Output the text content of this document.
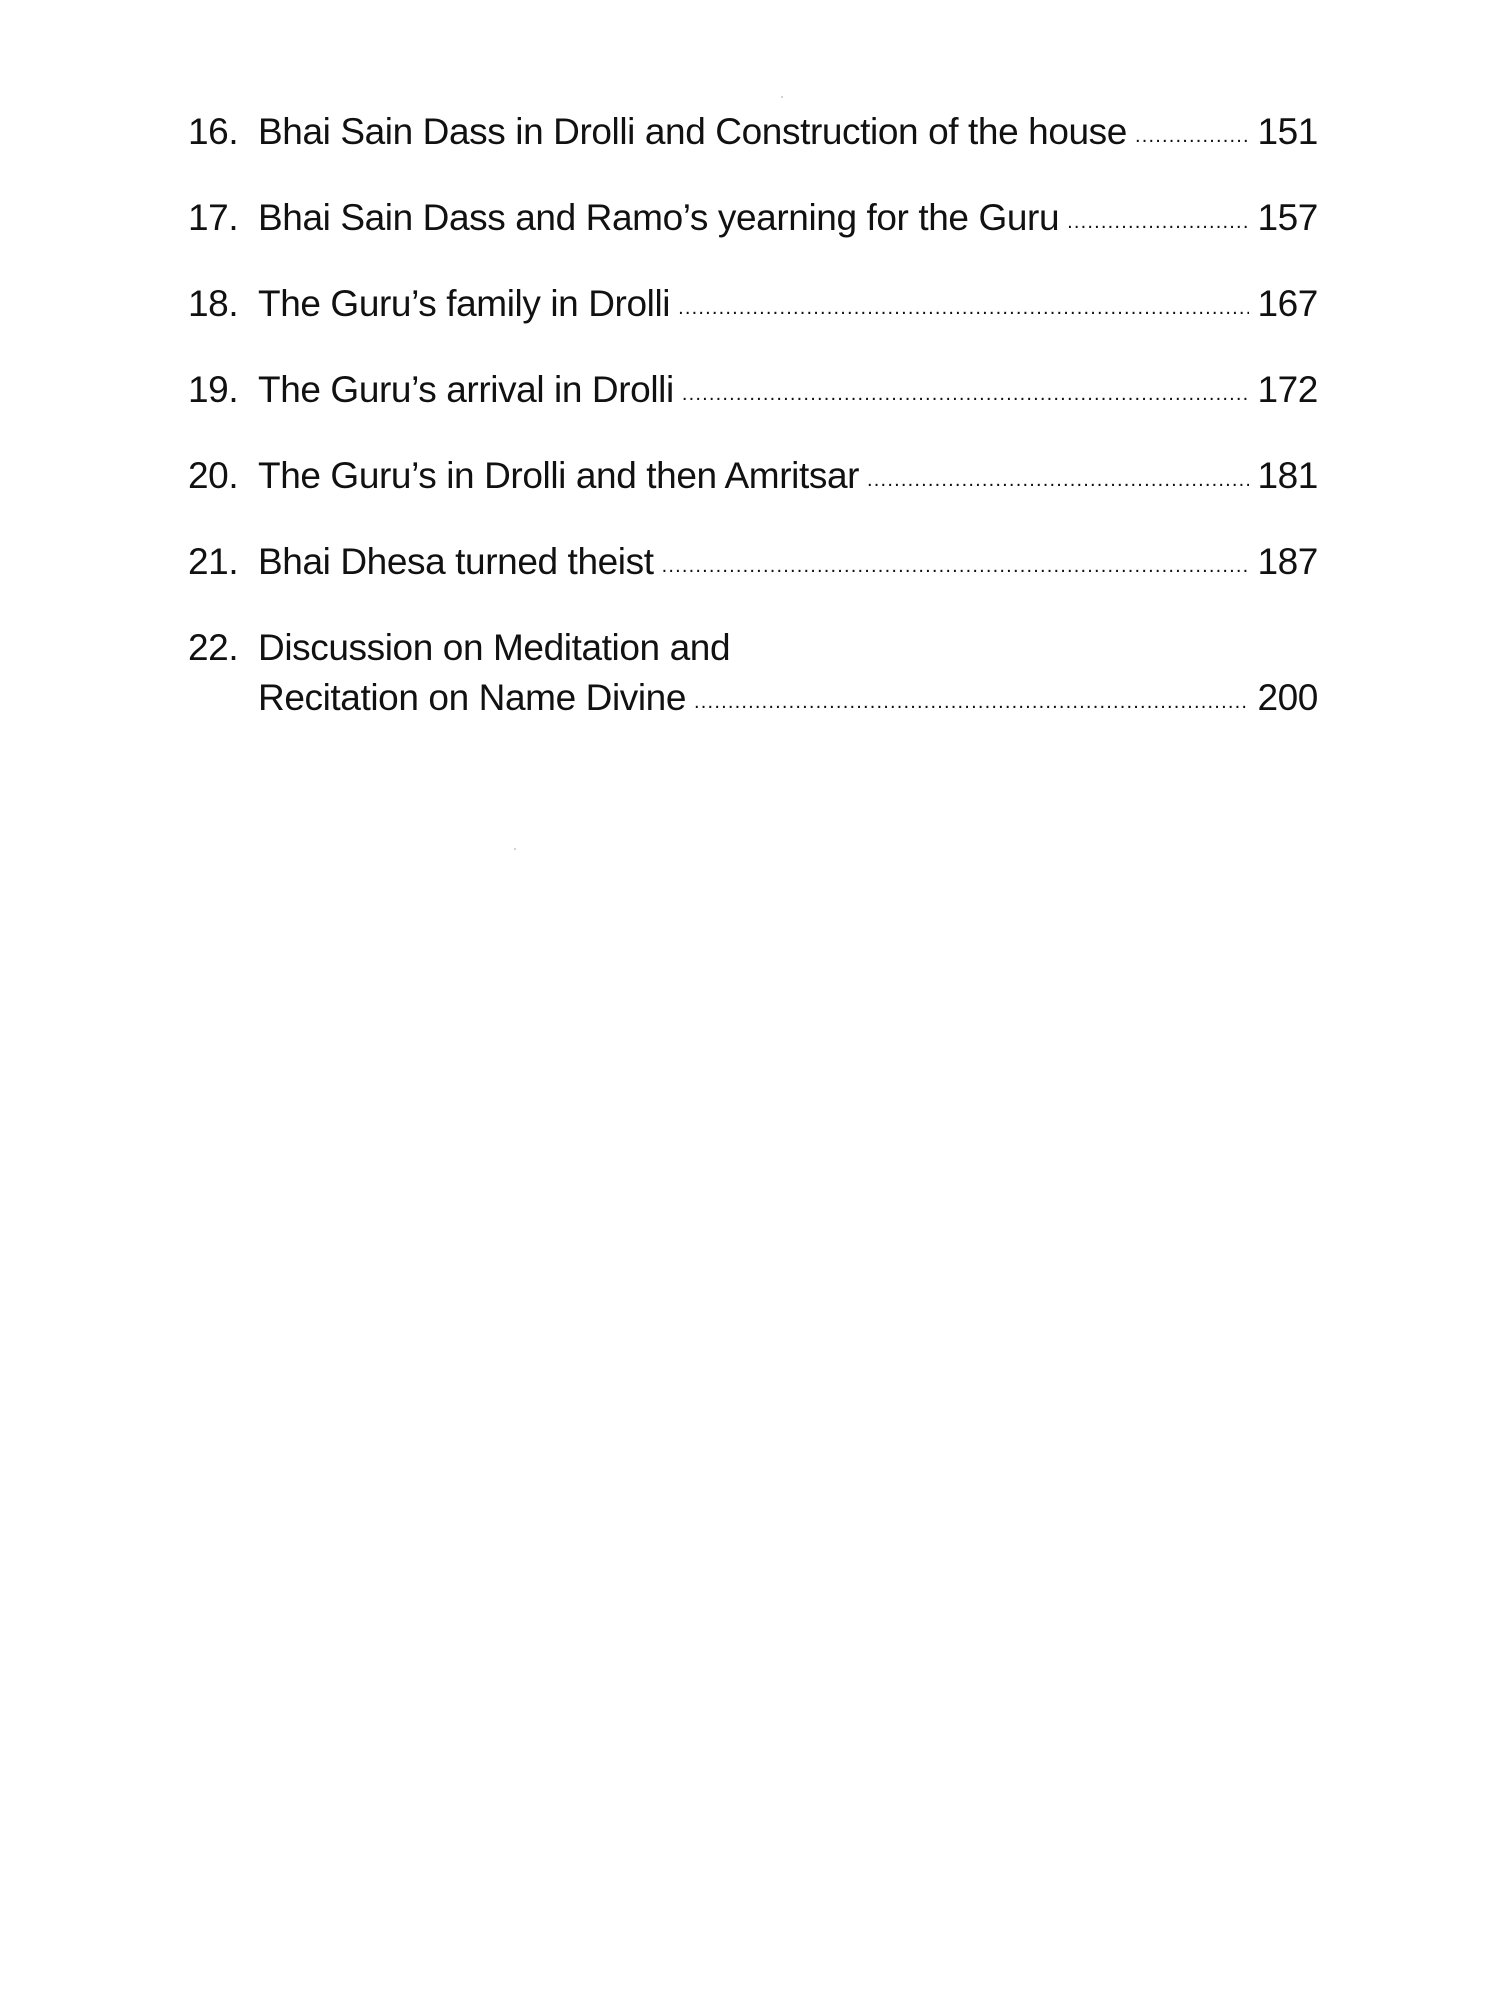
16. Bhai Sain Dass in Drolli and Construction of the house .....	151
17. Bhai Sain Dass and Ramo’s yearning for the Guru .....	157
18. The Guru’s family in Drolli .....	167
19. The Guru’s arrival in Drolli .....	172
20. The Guru’s in Drolli and then Amritsar .....	181
21. Bhai Dhesa turned theist .....	187
22. Discussion on Meditation and
Recitation on Name Divine .....	200
